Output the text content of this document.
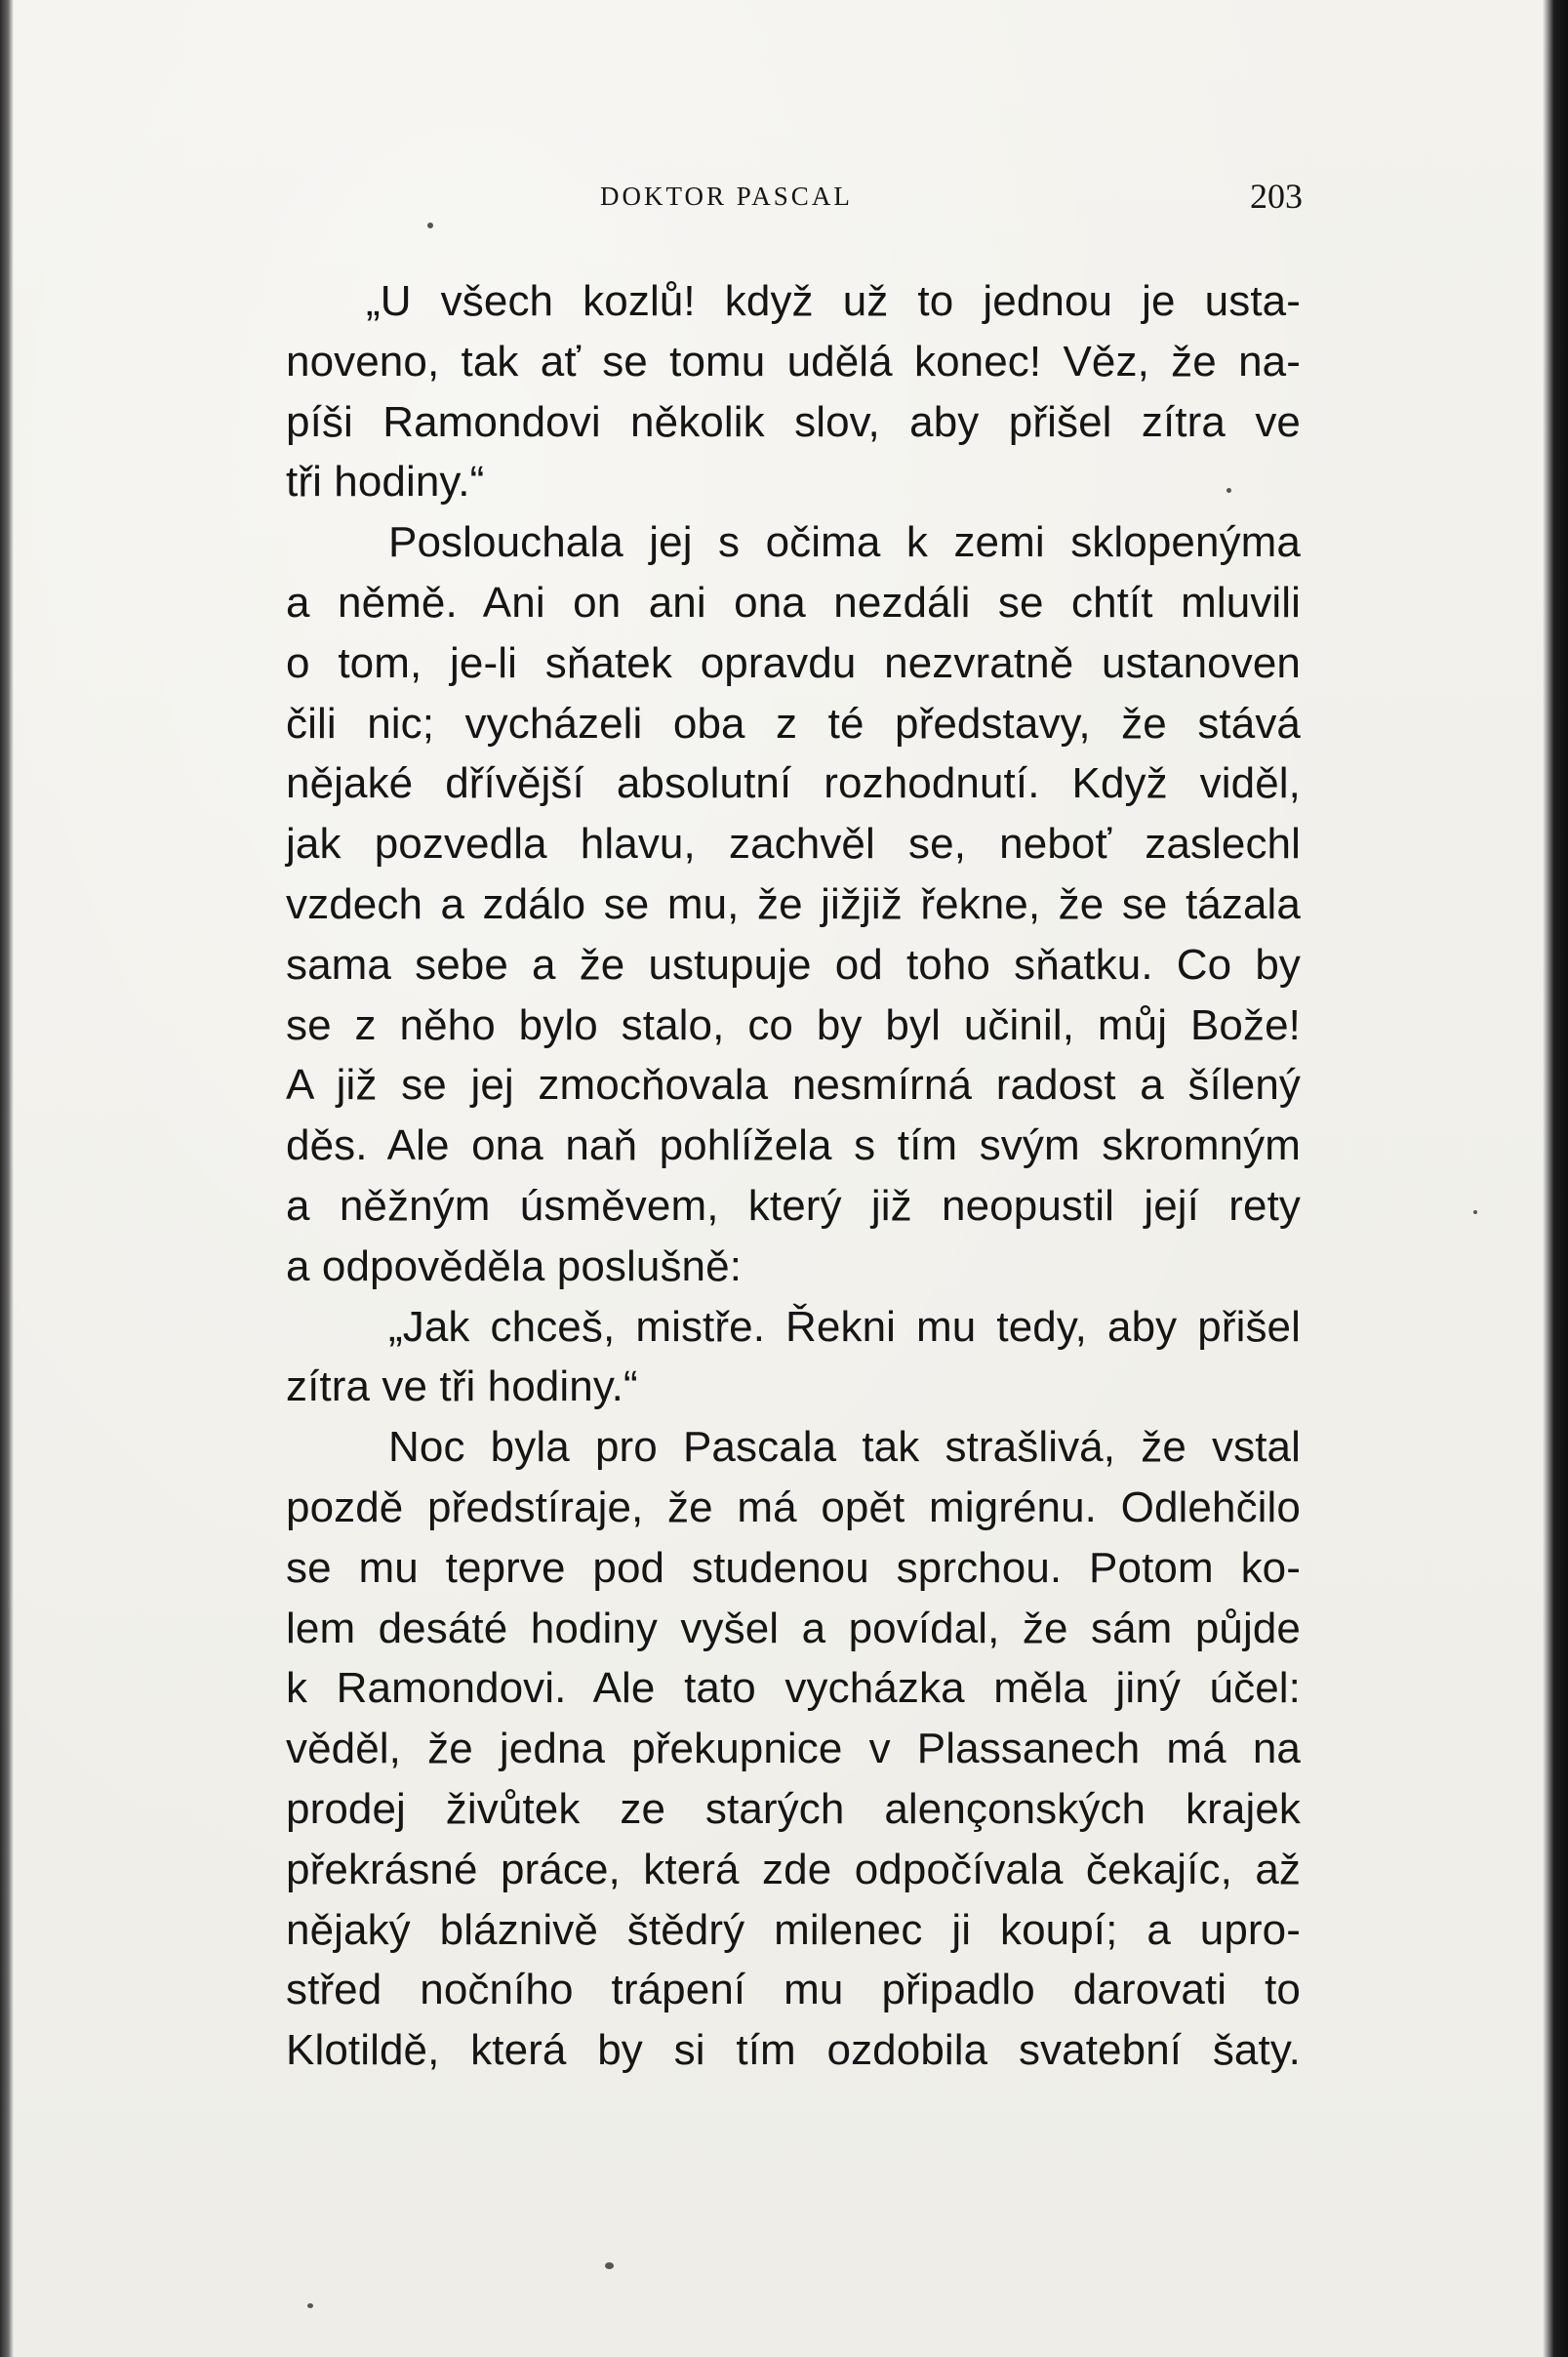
DOKTOR PASCAL	203
„U všech kozlů! když už to jednou je usta-
noveno, tak ať se tomu udělá konec! Věz, že na-
píši Ramondovi několik slov, aby přišel zítra ve
tři hodiny.“
Poslouchala jej s očima k zemi sklopenýma
a němě. Ani on ani ona nezdáli se chtít mluvili
o tom, je-li sňatek opravdu nezvratně ustanoven
čili nic; vycházeli oba z té představy, že stává
nějaké dřívější absolutní rozhodnutí. Když viděl,
jak pozvedla hlavu, zachvěl se, neboť zaslechl
vzdech a zdálo se mu, že jižjiž řekne, že se tázala
sama sebe a že ustupuje od toho sňatku. Co by
se z něho bylo stalo, co by byl učinil, můj Bože!
A již se jej zmocňovala nesmírná radost a šílený
děs. Ale ona naň pohlížela s tím svým skromným
a něžným úsměvem, který již neopustil její rety
a odpověděla poslušně:
„Jak chceš, mistře. Řekni mu tedy, aby přišel
zítra ve tři hodiny.“
Noc byla pro Pascala tak strašlivá, že vstal
pozdě předstíraje, že má opět migrénu. Odlehčilo
se mu teprve pod studenou sprchou. Potom ko-
lem desáté hodiny vyšel a povídal, že sám půjde
k Ramondovi. Ale tato vycházka měla jiný účel:
věděl, že jedna překupnice v Plassanech má na
prodej živůtek ze starých alençonských krajek
překrásné práce, která zde odpočívala čekajíc, až
nějaký bláznivě štědrý milenec ji koupí; a upro-
střed nočního trápení mu připadlo darovati to
Klotildě, která by si tím ozdobila svatební šaty.
